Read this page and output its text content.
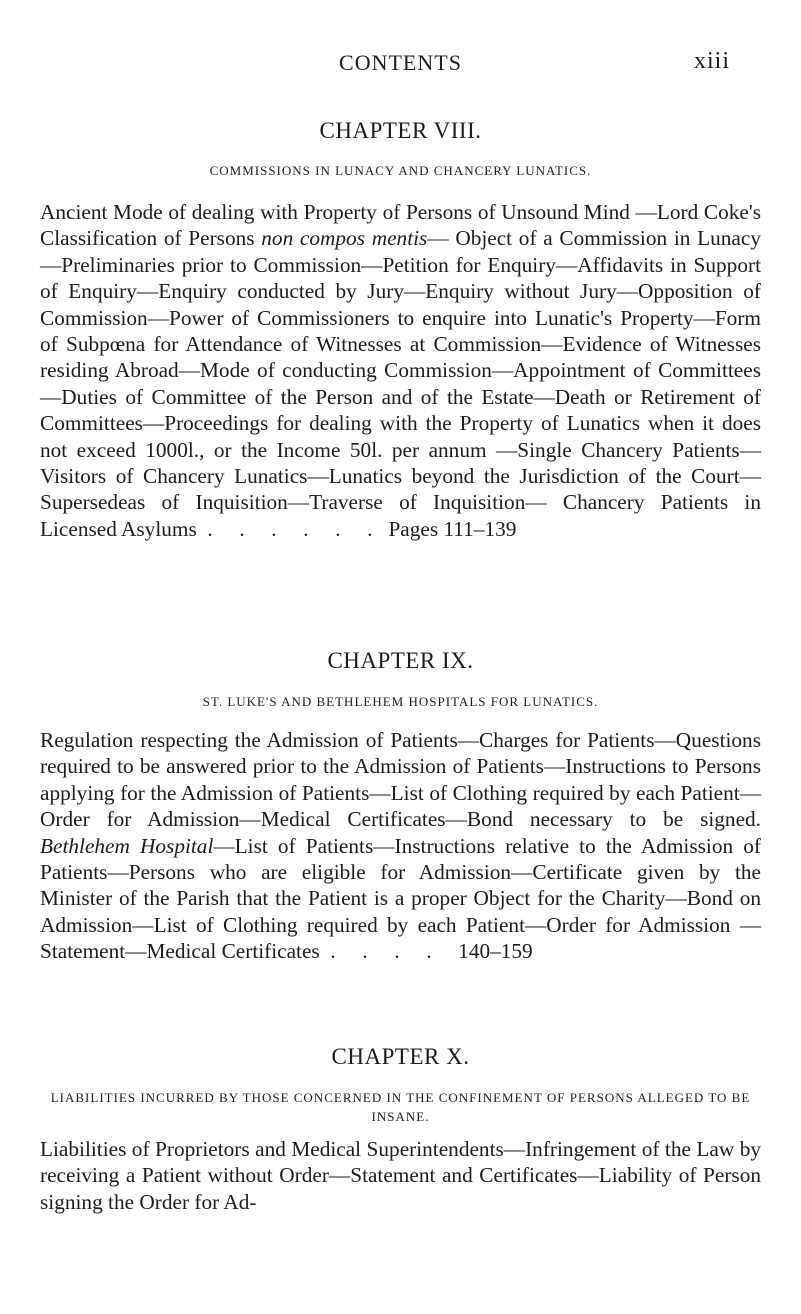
CONTENTS	xiii
CHAPTER VIII.

COMMISSIONS IN LUNACY AND CHANCERY LUNATICS.

Ancient Mode of dealing with Property of Persons of Unsound Mind —Lord Coke's Classification of Persons non compos mentis— Object of a Commission in Lunacy—Preliminaries prior to Commission—Petition for Enquiry—Affidavits in Support of Enquiry—Enquiry conducted by Jury—Enquiry without Jury—Opposition of Commission—Power of Commissioners to enquire into Lunatic's Property—Form of Subpœna for Attendance of Witnesses at Commission—Evidence of Witnesses residing Abroad—Mode of conducting Commission—Appointment of Committees—Duties of Committee of the Person and of the Estate—Death or Retirement of Committees—Proceedings for dealing with the Property of Lunatics when it does not exceed 1000l., or the Income 50l. per annum —Single Chancery Patients—Visitors of Chancery Lunatics—Lunatics beyond the Jurisdiction of the Court—Supersedeas of Inquisition—Traverse of Inquisition— Chancery Patients in Licensed Asylums  .     .     .     .     .     .   Pages 111–139

CHAPTER IX.

ST. LUKE'S AND BETHLEHEM HOSPITALS FOR LUNATICS.

Regulation respecting the Admission of Patients—Charges for Patients—Questions required to be answered prior to the Admission of Patients—Instructions to Persons applying for the Admission of Patients—List of Clothing required by each Patient—Order for Admission—Medical Certificates—Bond necessary to be signed. Bethlehem Hospital—List of Patients—Instructions relative to the Admission of Patients—Persons who are eligible for Admission—Certificate given by the Minister of the Parish that the Patient is a proper Object for the Charity—Bond on Admission—List of Clothing required by each Patient—Order for Admission —Statement—Medical Certificates  .     .     .     .     140–159

CHAPTER X.

LIABILITIES INCURRED BY THOSE CONCERNED IN THE CONFINEMENT OF PERSONS ALLEGED TO BE INSANE.

Liabilities of Proprietors and Medical Superintendents—Infringement of the Law by receiving a Patient without Order—Statement and Certificates—Liability of Person signing the Order for Ad-
